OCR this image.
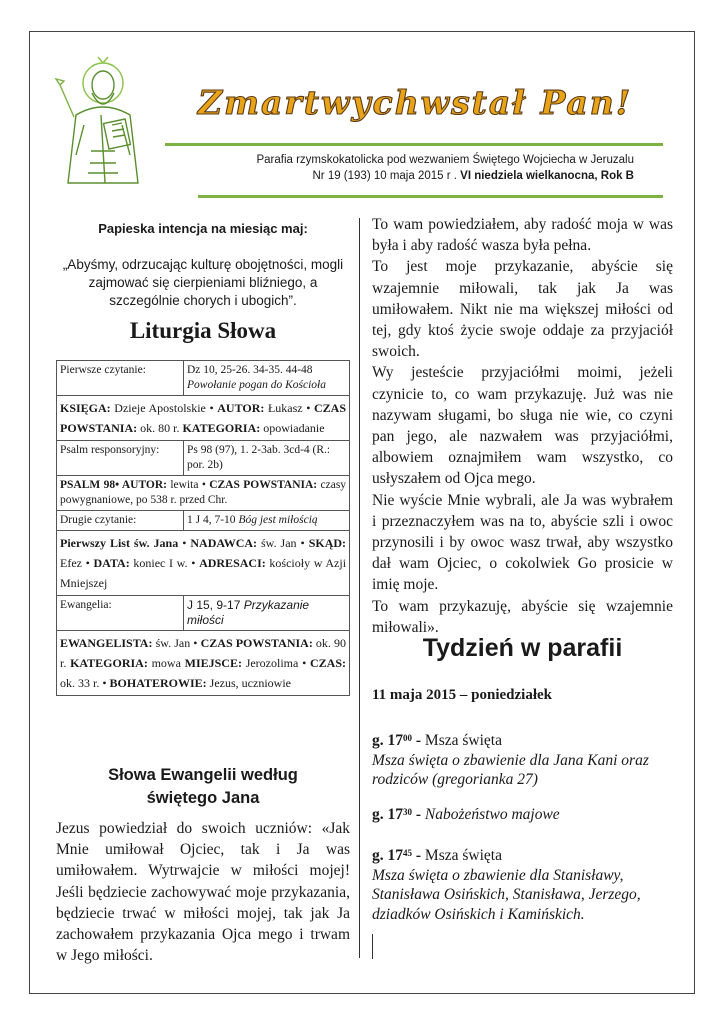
Zmartwychwstał Pan!
Parafia rzymskokatolicka pod wezwaniem Świętego Wojciecha w Jeruzalu
Nr 19 (193) 10 maja 2015 r . VI niedziela wielkanocna, Rok B
Papieska intencja na miesiąc maj:
„Abyśmy, odrzucając kulturę obojętności, mogli zajmować się cierpieniami bliźniego, a szczególnie chorych i ubogich”.
Liturgia Słowa
Pierwsze czytanie:	Dz 10, 25-26. 34-35. 44-48
Powołanie pogan do Kościoła
KSIĘGA: Dzieje Apostolskie • AUTOR: Łukasz • CZAS POWSTANIA: ok. 80 r. KATEGORIA: opowiadanie	
Psalm responsoryjny:	Ps 98 (97), 1. 2-3ab. 3cd-4 (R.: por. 2b)
PSALM 98• AUTOR: lewita • CZAS POWSTANIA: czasy powygnaniowe, po 538 r. przed Chr.	
Drugie czytanie:	1 J 4, 7-10 Bóg jest miłością
Pierwszy List św. Jana • NADAWCA: św. Jan • SKĄD: Efez • DATA: koniec I w. • ADRESACI: kościoły w Azji Mniejszej	
Ewangelia:	J 15, 9-17 Przykazanie miłości
EWANGELISTA: św. Jan • CZAS POWSTANIA: ok. 90 r. KATEGORIA: mowa MIEJSCE: Jerozolima • CZAS: ok. 33 r. • BOHATEROWIE: Jezus, uczniowie	
Słowa Ewangelii według
świętego Jana
Jezus powiedział do swoich uczniów: «Jak Mnie umiłował Ojciec, tak i Ja was umiłowałem. Wytrwajcie w miłości mojej! Jeśli będziecie zachowywać moje przykazania, będziecie trwać w miłości mojej, tak jak Ja zachowałem przykazania Ojca mego i trwam w Jego miłości.

To wam powiedziałem, aby radość moja w was była i aby radość wasza była pełna.

To jest moje przykazanie, abyście się wzajemnie miłowali, tak jak Ja was umiłowałem. Nikt nie ma większej miłości od tej, gdy ktoś życie swoje oddaje za przyjaciół swoich.

Wy jesteście przyjaciółmi moimi, jeżeli czynicie to, co wam przykazuję. Już was nie nazywam sługami, bo sługa nie wie, co czyni pan jego, ale nazwałem was przyjaciółmi, albowiem oznajmiłem wam wszystko, co usłyszałem od Ojca mego.

Nie wyście Mnie wybrali, ale Ja was wybrałem i przeznaczyłem was na to, abyście szli i owoc przynosili i by owoc wasz trwał, aby wszystko dał wam Ojciec, o cokolwiek Go prosicie w imię moje.

To wam przykazuję, abyście się wzajemnie miłowali».

Tydzień w parafii
11 maja 2015 – poniedziałek
g. $17^{00}$ - Msza święta
Msza święta o zbawienie dla Jana Kani oraz rodziców (gregorianka 27)
g. $17^{30}$ - Nabożeństwo majowe
g. $17^{45}$ - Msza święta
Msza święta o zbawienie dla Stanisławy, Stanisława Osińskich, Stanisława, Jerzego, dziadków Osińskich i Kamińskich.
